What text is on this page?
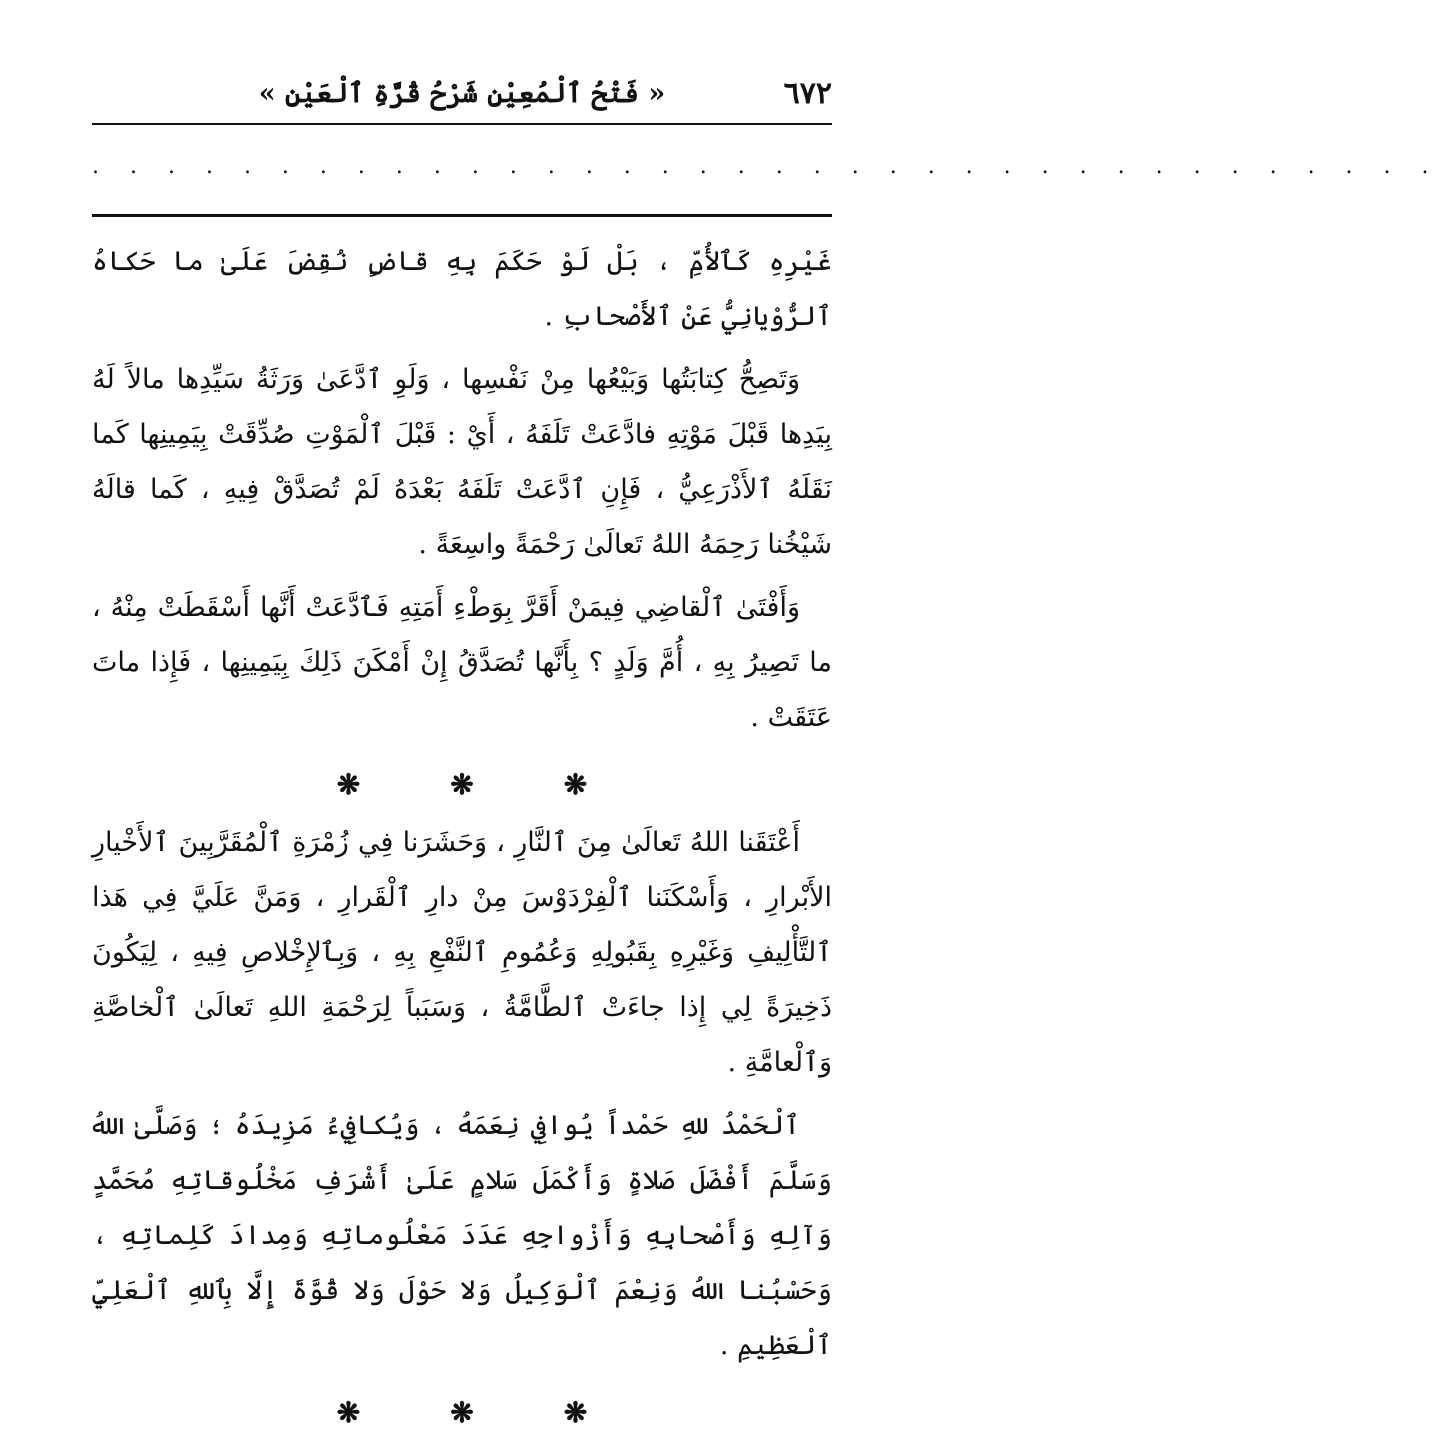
٦٧٢
« فَتْحُ ٱلْمُعِيْنِ شَرْحُ قُرَّةِ ٱلْعَيْنِ »
. . . . . . . . . . . . . . . . . . . . . . . . . . . . . . . . . . . .

غَيْرِهِ كَٱلأُمِّ ، بَلْ لَوْ حَكَمَ بِهِ قاضٍ نُقِضَ عَلَىٰ ما حَكاهُ ٱلرُّوْيانِيُّ عَنْ ٱلأَصْحابِ .

وَتَصِحُّ كِتابَتُها وَبَيْعُها مِنْ نَفْسِها ، وَلَوِ ٱدَّعَىٰ وَرَثَةُ سَيِّدِها مالاً لَهُ بِيَدِها قَبْلَ مَوْتِهِ فادَّعَتْ تَلَفَهُ ، أَيْ : قَبْلَ ٱلْمَوْتِ صُدِّقَتْ بِيَمِينِها كَما نَقَلَهُ ٱلأَذْرَعِيُّ ، فَإِنِ ٱدَّعَتْ تَلَفَهُ بَعْدَهُ لَمْ تُصَدَّقْ فِيهِ ، كَما قالَهُ شَيْخُنا رَحِمَهُ اللهُ تَعالَىٰ رَحْمَةً واسِعَةً .

وَأَفْتَىٰ ٱلْقاضِي فِيمَنْ أَقَرَّ بِوَطْءِ أَمَتِهِ فَٱدَّعَتْ أَنَّها أَسْقَطَتْ مِنْهُ ، ما تَصِيرُ بِهِ ، أُمَّ وَلَدٍ ؟ بِأَنَّها تُصَدَّقُ إِنْ أَمْكَنَ ذَلِكَ بِيَمِينِها ، فَإِذا ماتَ عَتَقَتْ .

❋	❋	❋

أَعْتَقَنا اللهُ تَعالَىٰ مِنَ ٱلنَّارِ ، وَحَشَرَنا فِي زُمْرَةِ ٱلْمُقَرَّبِينَ ٱلأَخْيارِ الأَبْرارِ ، وَأَسْكَنَنا ٱلْفِرْدَوْسَ مِنْ دارِ ٱلْقَرارِ ، وَمَنَّ عَلَيَّ فِي هَذا ٱلتَّأْلِيفِ وَغَيْرِهِ بِقَبُولِهِ وَعُمُومِ ٱلنَّفْعِ بِهِ ، وَبِٱلإِخْلاصِ فِيهِ ، لِيَكُونَ ذَخِيرَةً لِي إِذا جاءَتْ ٱلطَّامَّةُ ، وَسَبَباً لِرَحْمَةِ اللهِ تَعالَىٰ ٱلْخاصَّةِ وَٱلْعامَّةِ .

ٱلْحَمْدُ للهِ حَمْداً يُوافِي نِعَمَهُ ، وَيُكافِيءُ مَزِيدَهُ ؛ وَصَلَّىٰ اللهُ وَسَلَّمَ أَفْضَلَ صَلاةٍ وَأَكْمَلَ سَلامٍ عَلَىٰ أَشْرَفِ مَخْلُوقاتِهِ مُحَمَّدٍ وَآلِهِ وَأَصْحابِهِ وَأَزْواجِهِ عَدَدَ مَعْلُوماتِهِ وَمِدادَ كَلِماتِهِ ، وَحَسْبُنا اللهُ وَنِعْمَ ٱلْوَكِيلُ وَلا حَوْلَ وَلا قُوَّةَ إِلَّا بِٱللهِ ٱلْعَلِيِّ ٱلْعَظِيمِ .

❋	❋	❋
